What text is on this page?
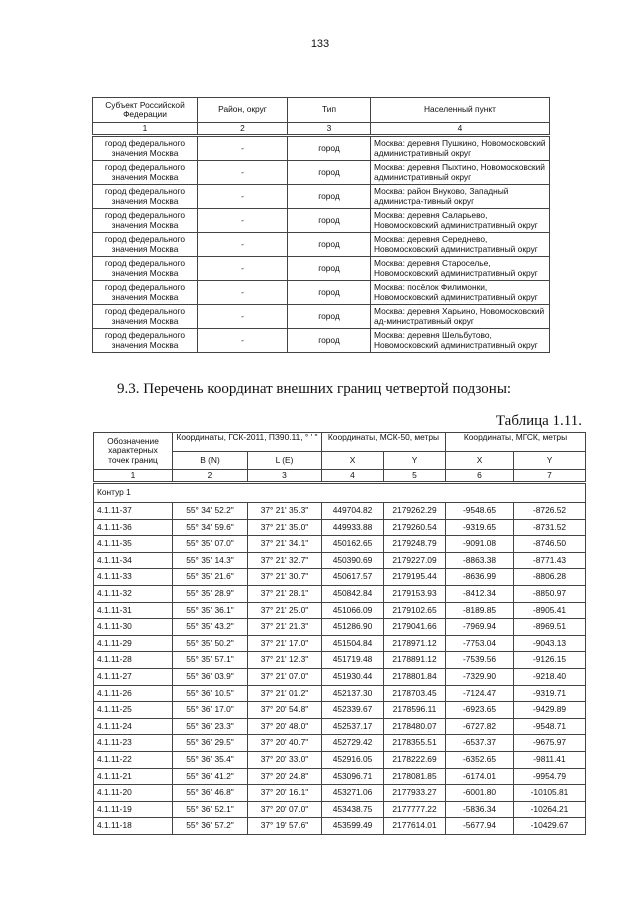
133
Субъект Российской Федерации	Район, округ	Тип	Населенный пункт
1	2	3	4
город федерального значения Москва	-	город	Москва: деревня Пушкино, Новомосковский административный округ
город федерального значения Москва	-	город	Москва: деревня Пыхтино, Новомосковский административный округ
город федерального значения Москва	-	город	Москва: район Внуково, Западный администра-тивный округ
город федерального значения Москва	-	город	Москва: деревня Саларьево, Новомосковский административный округ
город федерального значения Москва	-	город	Москва: деревня Середнево, Новомосковский административный округ
город федерального значения Москва	-	город	Москва: деревня Староселье, Новомосковский административный округ
город федерального значения Москва	-	город	Москва: посёлок Филимонки, Новомосковский административный округ
город федерального значения Москва	-	город	Москва: деревня Харьино, Новомосковский ад-министративный округ
город федерального значения Москва	-	город	Москва: деревня Шельбутово, Новомосковский административный округ
9.3. Перечень координат внешних границ четвертой подзоны:
Таблица 1.11.
Обозначение характерных точек границ	Координаты, ГСК-2011, ПЗ90.11, ° ' "		Координаты, МСК-50, метры		Координаты, МГСК, метры	
	B (N)	L (E)	X	Y	X	Y
1	2	3	4	5	6	7
Контур 1						
4.1.11-37	55° 34' 52.2"	37° 21' 35.3"	449704.82	2179262.29	-9548.65	-8726.52
4.1.11-36	55° 34' 59.6"	37° 21' 35.0"	449933.88	2179260.54	-9319.65	-8731.52
4.1.11-35	55° 35' 07.0"	37° 21' 34.1"	450162.65	2179248.79	-9091.08	-8746.50
4.1.11-34	55° 35' 14.3"	37° 21' 32.7"	450390.69	2179227.09	-8863.38	-8771.43
4.1.11-33	55° 35' 21.6"	37° 21' 30.7"	450617.57	2179195.44	-8636.99	-8806.28
4.1.11-32	55° 35' 28.9"	37° 21' 28.1"	450842.84	2179153.93	-8412.34	-8850.97
4.1.11-31	55° 35' 36.1"	37° 21' 25.0"	451066.09	2179102.65	-8189.85	-8905.41
4.1.11-30	55° 35' 43.2"	37° 21' 21.3"	451286.90	2179041.66	-7969.94	-8969.51
4.1.11-29	55° 35' 50.2"	37° 21' 17.0"	451504.84	2178971.12	-7753.04	-9043.13
4.1.11-28	55° 35' 57.1"	37° 21' 12.3"	451719.48	2178891.12	-7539.56	-9126.15
4.1.11-27	55° 36' 03.9"	37° 21' 07.0"	451930.44	2178801.84	-7329.90	-9218.40
4.1.11-26	55° 36' 10.5"	37° 21' 01.2"	452137.30	2178703.45	-7124.47	-9319.71
4.1.11-25	55° 36' 17.0"	37° 20' 54.8"	452339.67	2178596.11	-6923.65	-9429.89
4.1.11-24	55° 36' 23.3"	37° 20' 48.0"	452537.17	2178480.07	-6727.82	-9548.71
4.1.11-23	55° 36' 29.5"	37° 20' 40.7"	452729.42	2178355.51	-6537.37	-9675.97
4.1.11-22	55° 36' 35.4"	37° 20' 33.0"	452916.05	2178222.69	-6352.65	-9811.41
4.1.11-21	55° 36' 41.2"	37° 20' 24.8"	453096.71	2178081.85	-6174.01	-9954.79
4.1.11-20	55° 36' 46.8"	37° 20' 16.1"	453271.06	2177933.27	-6001.80	-10105.81
4.1.11-19	55° 36' 52.1"	37° 20' 07.0"	453438.75	2177777.22	-5836.34	-10264.21
4.1.11-18	55° 36' 57.2"	37° 19' 57.6"	453599.49	2177614.01	-5677.94	-10429.67
